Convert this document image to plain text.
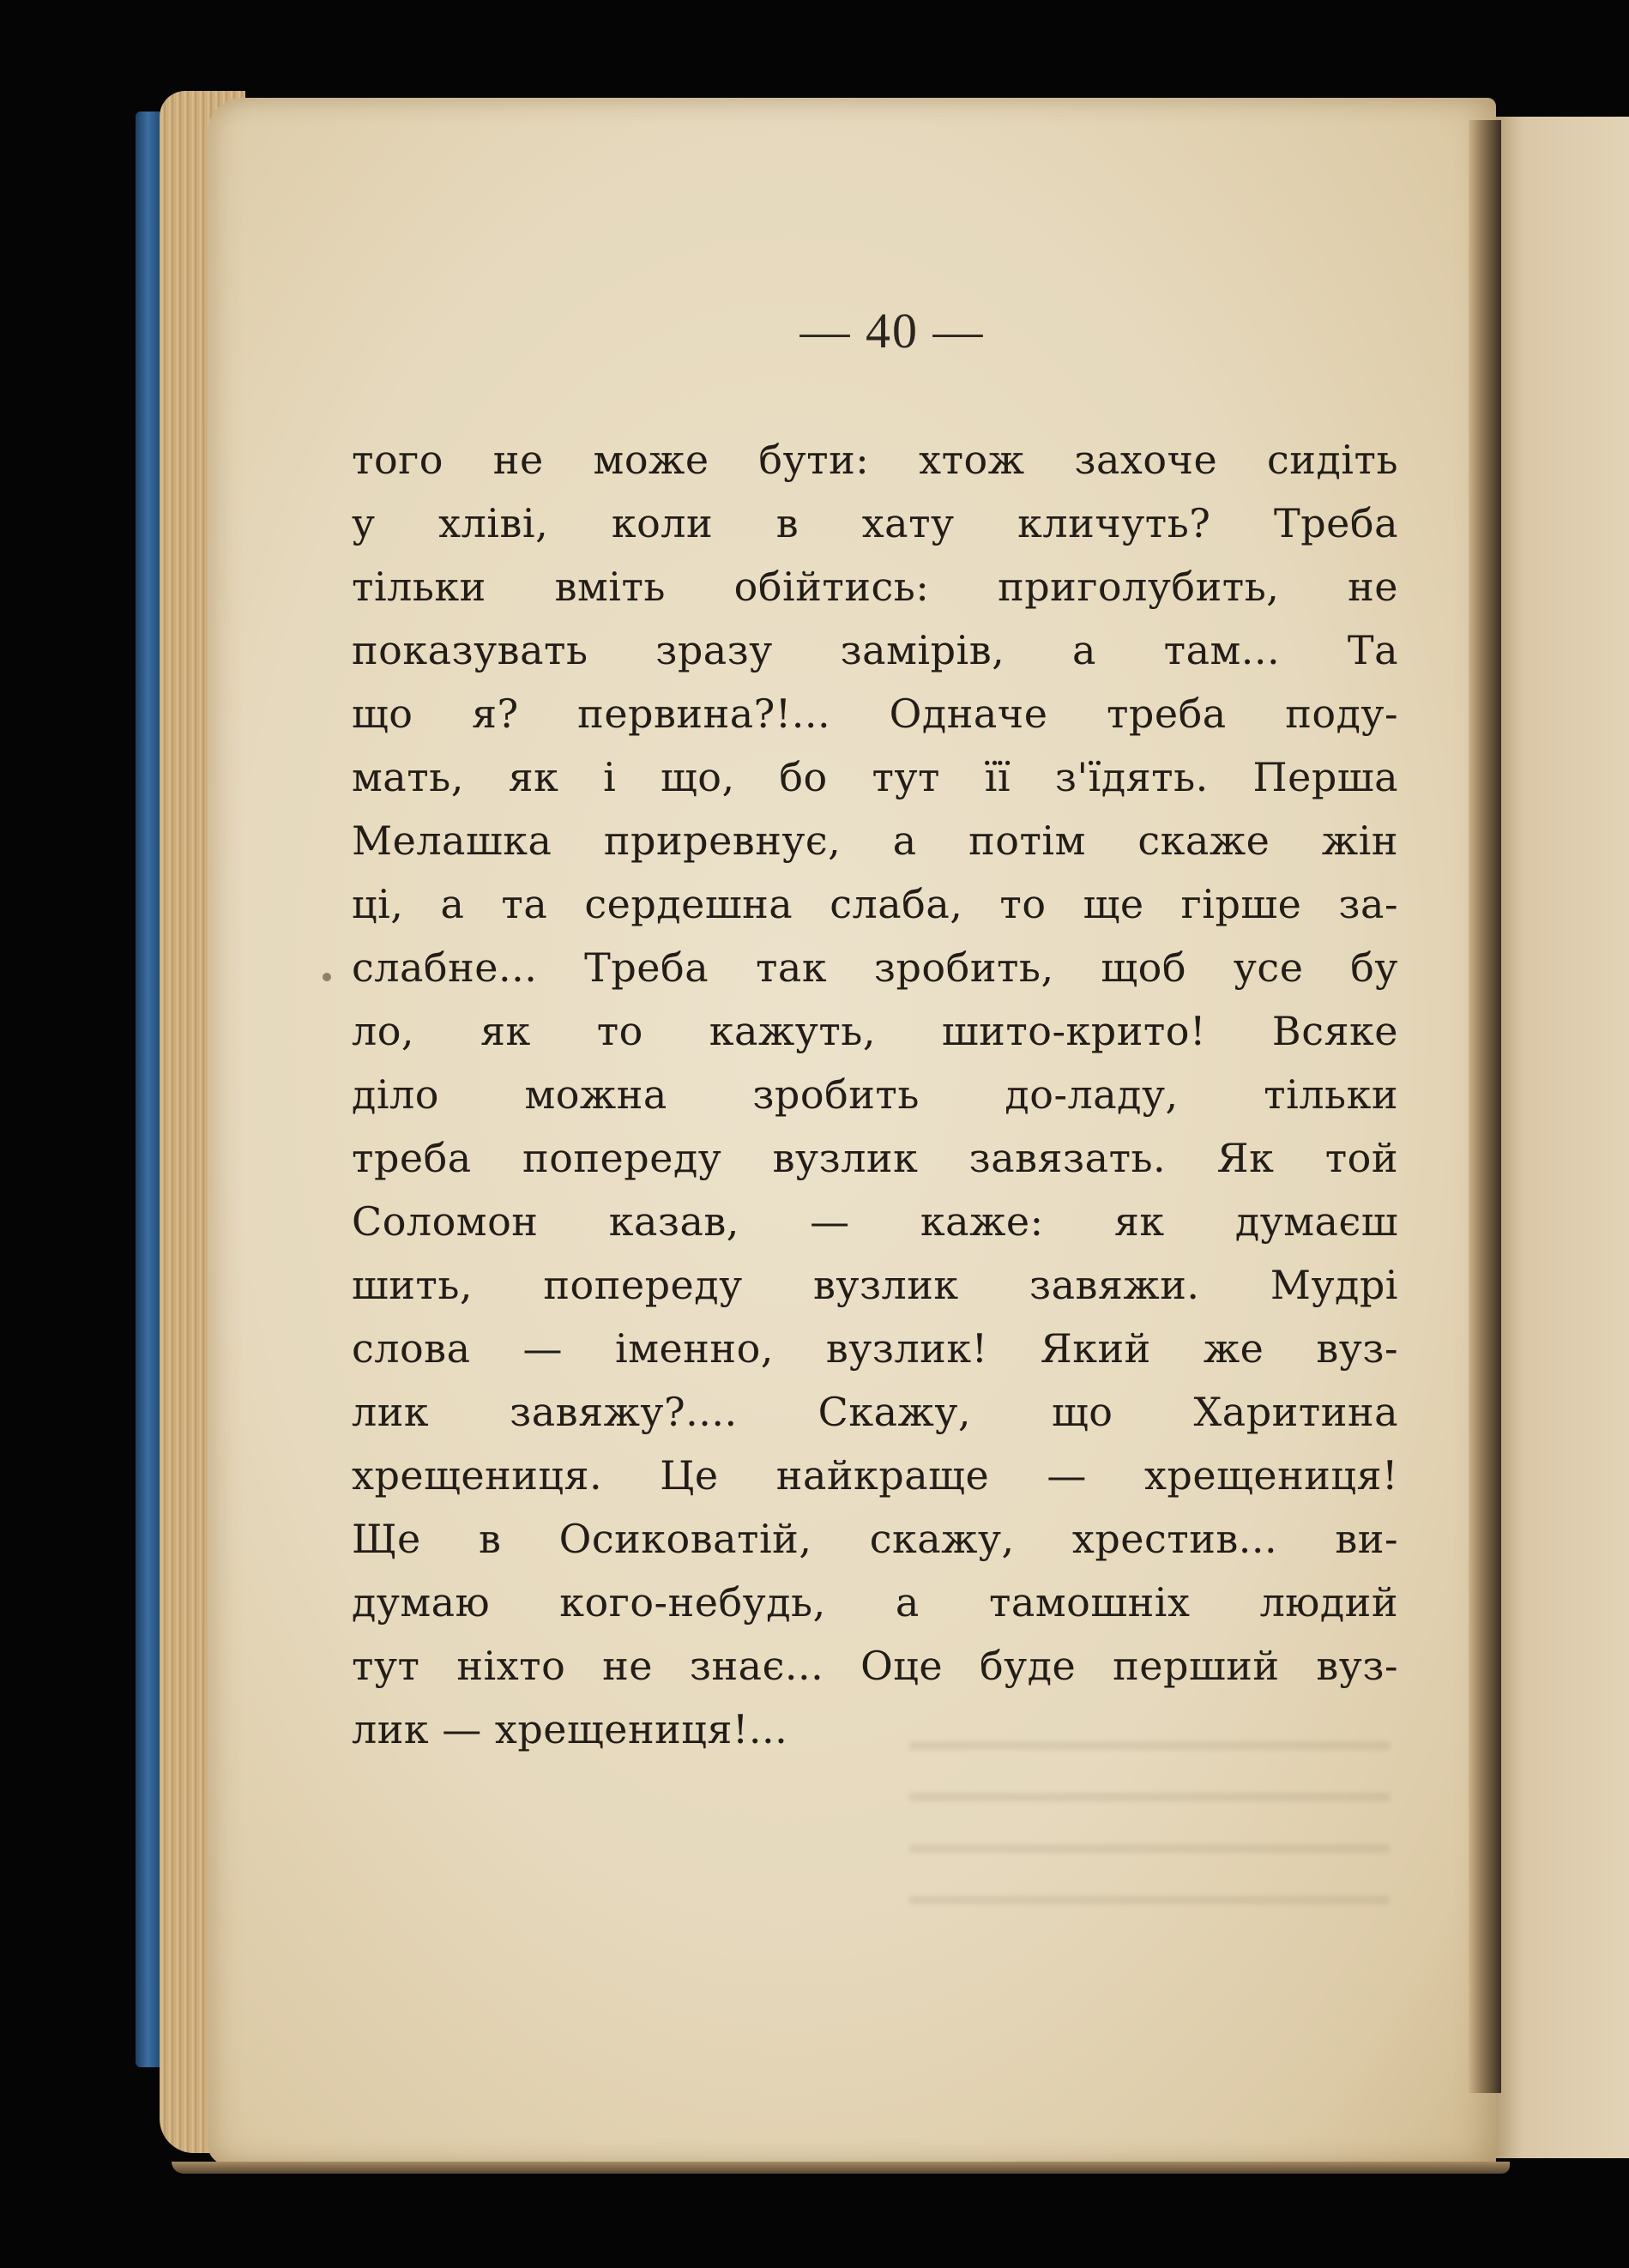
— 40 —
того не може бути: хтож захоче сидіть
у хліві, коли в хату кличуть? Треба
тільки вміть обійтись: приголубить, не
показувать зразу замірів, а там... Та
що я? первина?!... Одначе треба поду-
мать, як і що, бо тут її з'їдять. Перша
Мелашка приревнує, а потім скаже жін
ці, а та сердешна слаба, то ще гірше за-
слабне... Треба так зробить, щоб усе бу
ло, як то кажуть, шито-крито! Всяке
діло можна зробить до-ладу, тільки
треба попереду вузлик завязать. Як той
Соломон казав, — каже: як думаєш
шить, попереду вузлик завяжи. Мудрі
слова — іменно, вузлик! Який же вуз-
лик завяжу?.... Скажу, що Харитина
хрещениця. Це найкраще — хрещениця!
Ще в Осиковатій, скажу, хрестив... ви-
думаю кого-небудь, а тамошніх людий
тут ніхто не знає... Оце буде перший вуз-
лик — хрещениця!...
